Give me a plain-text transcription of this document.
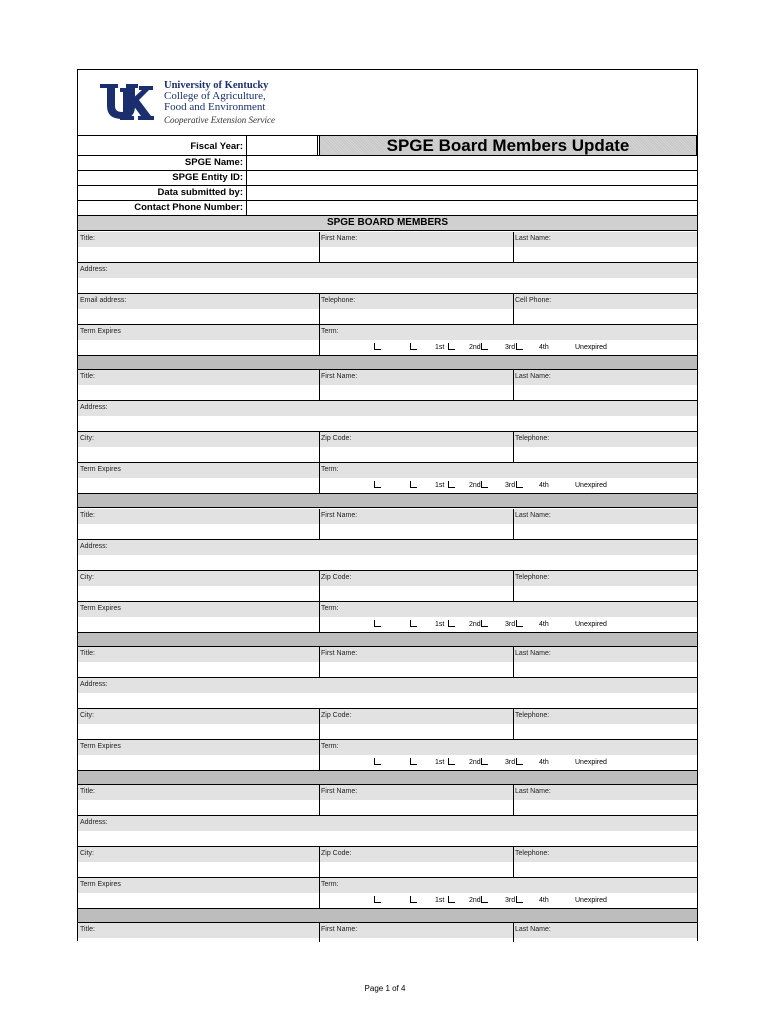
University of Kentucky
College of Agriculture,
Food and Environment
Cooperative Extension Service
Fiscal Year:	SPGE Board Members Update
SPGE Name:
SPGE Entity ID:
Data submitted by:
Contact Phone Number:
SPGE BOARD MEMBERS
Title:	First Name:	Last Name:
Address:
Email address:	Telephone:	Cell Phone:
Term Expires	Term:
1st	2nd	3rd	4th	Unexpired
Title:	First Name:	Last Name:
Address:
City:	Zip Code:	Telephone:
Term Expires	Term:
1st	2nd	3rd	4th	Unexpired
Title:	First Name:	Last Name:
Address:
City:	Zip Code:	Telephone:
Term Expires	Term:
1st	2nd	3rd	4th	Unexpired
Title:	First Name:	Last Name:
Address:
City:	Zip Code:	Telephone:
Term Expires	Term:
1st	2nd	3rd	4th	Unexpired
Title:	First Name:	Last Name:
Address:
City:	Zip Code:	Telephone:
Term Expires	Term:
1st	2nd	3rd	4th	Unexpired
Title:	First Name:	Last Name:
Page 1 of 4
